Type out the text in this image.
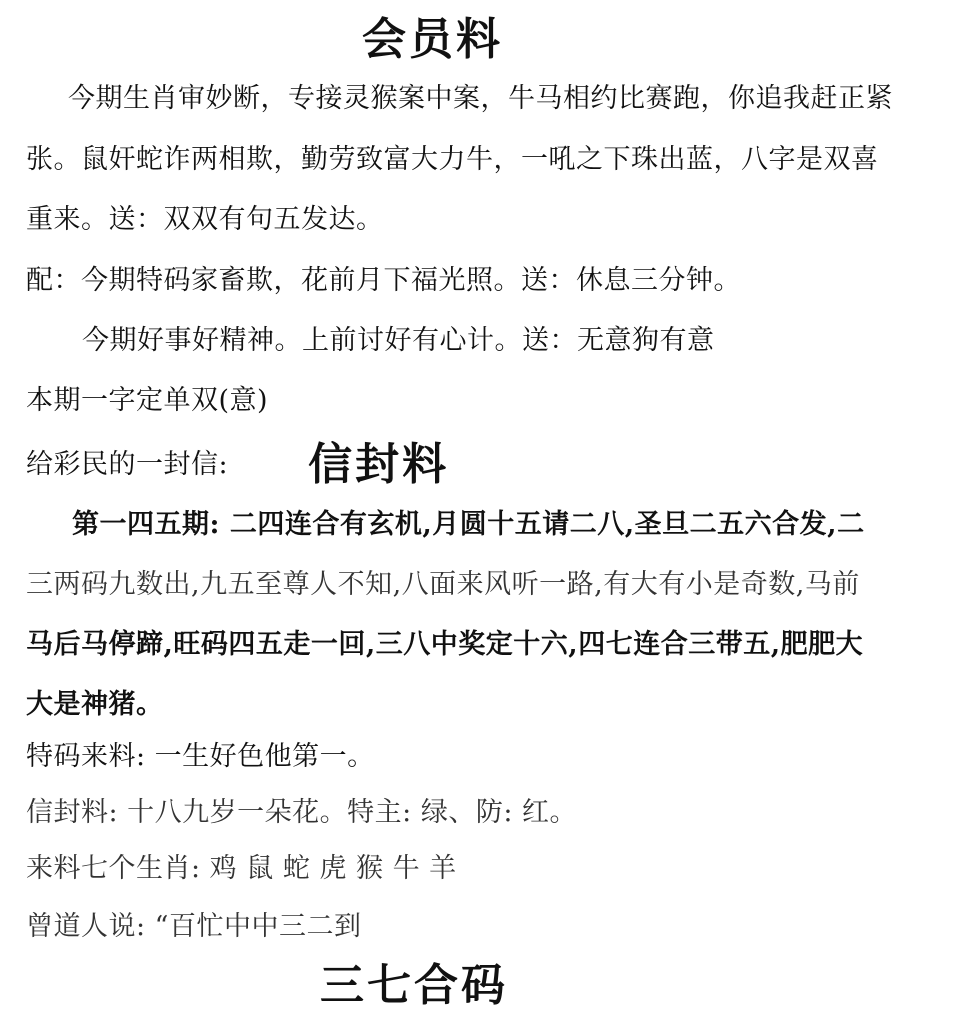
会员料
今期生肖审妙断，专接灵猴案中案，牛马相约比赛跑，你追我赶正紧
张。鼠奸蛇诈两相欺，勤劳致富大力牛，一吼之下珠出蓝，八字是双喜
重来。送：双双有句五发达。
配：今期特码家畜欺，花前月下福光照。送：休息三分钟。
今期好事好精神。上前讨好有心计。送：无意狗有意
本期一字定单双(意)
给彩民的一封信: 信封料
第一四五期: 二四连合有玄机,月圆十五请二八,圣旦二五六合发,二
三两码九数出,九五至尊人不知,八面来风听一路,有大有小是奇数,马前
马后马停蹄,旺码四五走一回,三八中奖定十六,四七连合三带五,肥肥大
大是神猪。
特码来料: 一生好色他第一。
信封料: 十八九岁一朵花。特主: 绿、防: 红。
来料七个生肖: 鸡 鼠 蛇 虎 猴 牛 羊
曾道人说: “百忙中中三二到
三七合码
